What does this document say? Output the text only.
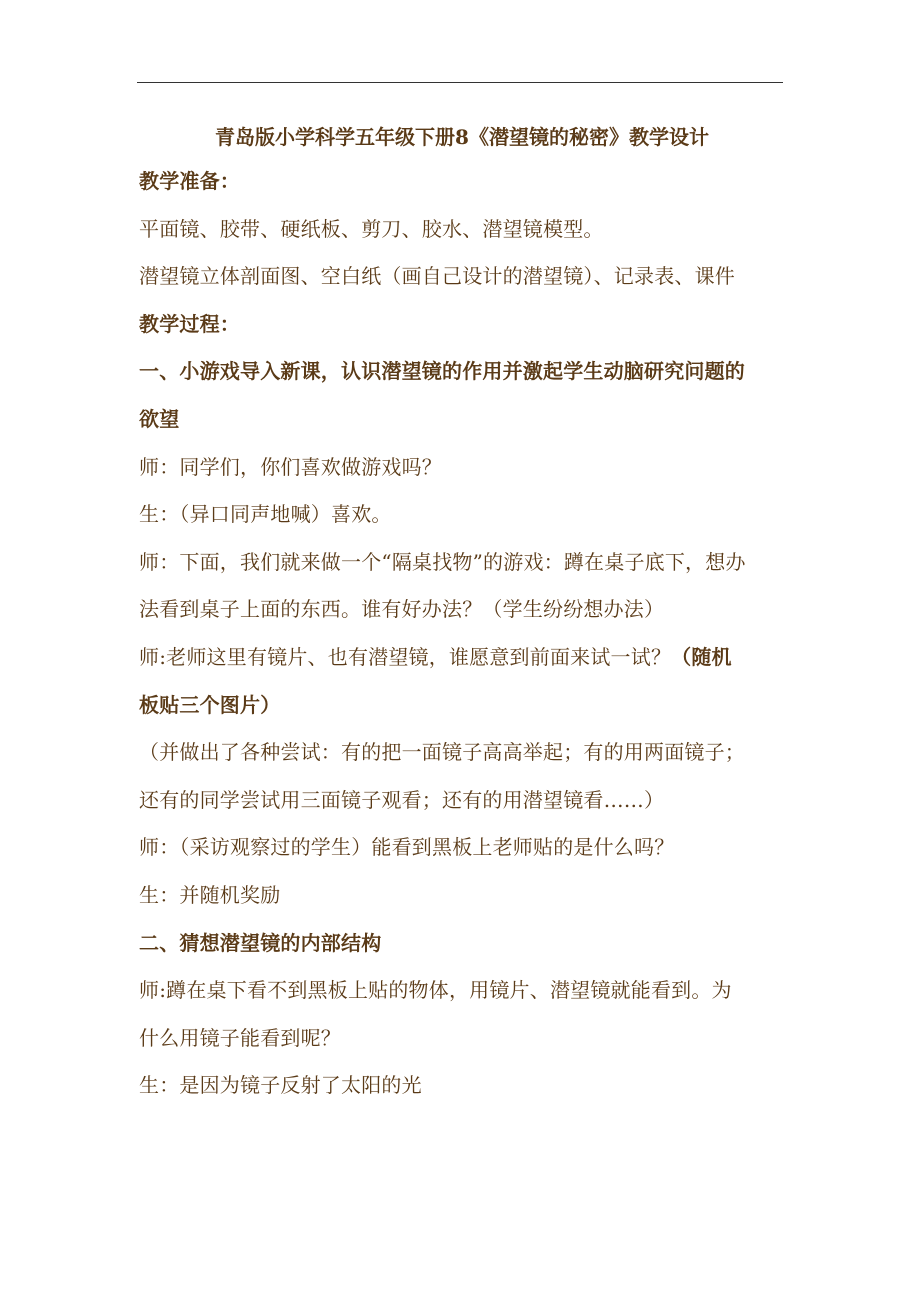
青岛版小学科学五年级下册8《潜望镜的秘密》教学设计
教学准备：
平面镜、胶带、硬纸板、剪刀、胶水、潜望镜模型。
潜望镜立体剖面图、空白纸（画自己设计的潜望镜）、记录表、课件
教学过程：
一、小游戏导入新课，认识潜望镜的作用并激起学生动脑研究问题的
欲望
师：同学们，你们喜欢做游戏吗？
生：（异口同声地喊）喜欢。
师：下面，我们就来做一个“隔桌找物”的游戏：蹲在桌子底下，想办
法看到桌子上面的东西。谁有好办法？（学生纷纷想办法）
师:老师这里有镜片、也有潜望镜，谁愿意到前面来试一试？（随机
板贴三个图片）
（并做出了各种尝试：有的把一面镜子高高举起；有的用两面镜子；
还有的同学尝试用三面镜子观看；还有的用潜望镜看……）
师：（采访观察过的学生）能看到黑板上老师贴的是什么吗？
生：并随机奖励
二、猜想潜望镜的内部结构
师:蹲在桌下看不到黑板上贴的物体，用镜片、潜望镜就能看到。为
什么用镜子能看到呢？
生：是因为镜子反射了太阳的光
